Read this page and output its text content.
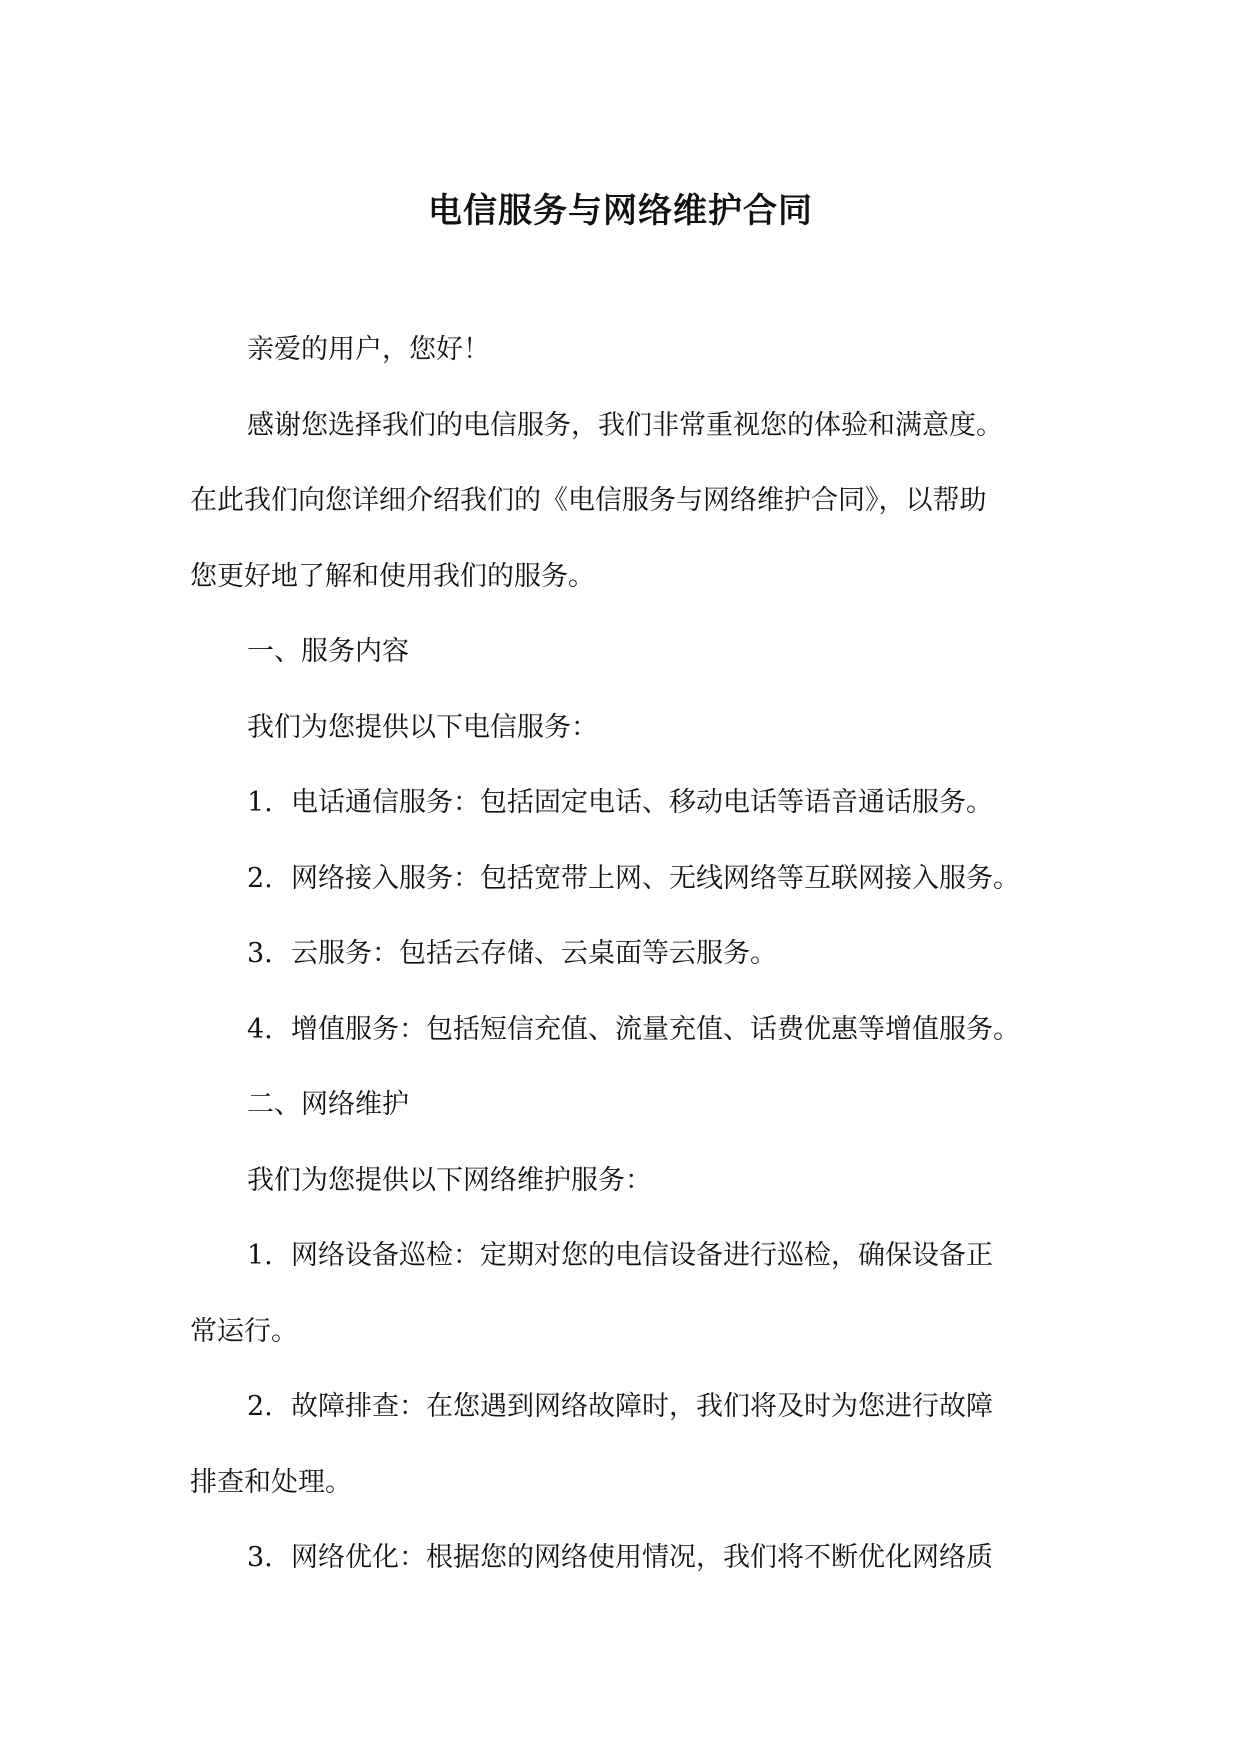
电信服务与网络维护合同

亲爱的用户，您好！

感谢您选择我们的电信服务，我们非常重视您的体验和满意度。

在此我们向您详细介绍我们的《电信服务与网络维护合同》，以帮助

您更好地了解和使用我们的服务。

一、服务内容

我们为您提供以下电信服务：

1. 电话通信服务：包括固定电话、移动电话等语音通话服务。

2. 网络接入服务：包括宽带上网、无线网络等互联网接入服务。

3. 云服务：包括云存储、云桌面等云服务。

4. 增值服务：包括短信充值、流量充值、话费优惠等增值服务。

二、网络维护

我们为您提供以下网络维护服务：

1. 网络设备巡检：定期对您的电信设备进行巡检，确保设备正

常运行。

2. 故障排查：在您遇到网络故障时，我们将及时为您进行故障

排查和处理。

3. 网络优化：根据您的网络使用情况，我们将不断优化网络质
